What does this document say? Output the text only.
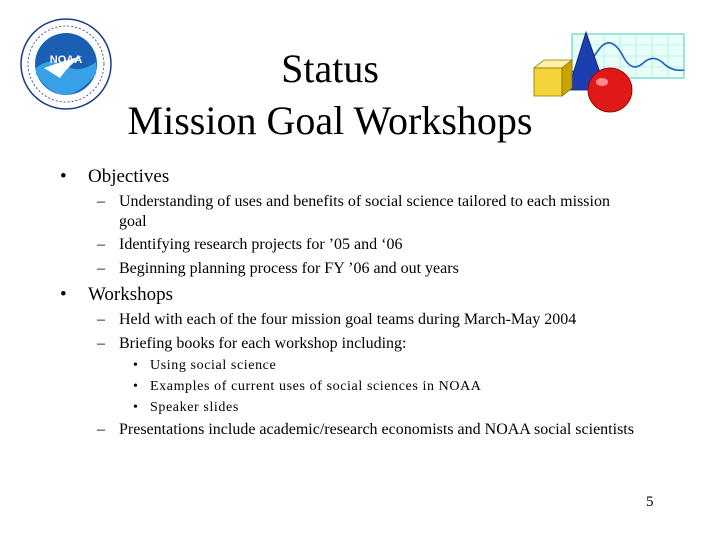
NOAA	Status
Mission Goal Workshops
• Objectives
– Understanding of uses and benefits of social science tailored to each mission goal
– Identifying research projects for ’05 and ‘06
– Beginning planning process for FY ’06 and out years
• Workshops
– Held with each of the four mission goal teams during March-May 2004
– Briefing books for each workshop including:
• Using social science
• Examples of current uses of social sciences in NOAA
• Speaker slides
– Presentations include academic/research economists and NOAA social scientists
5
